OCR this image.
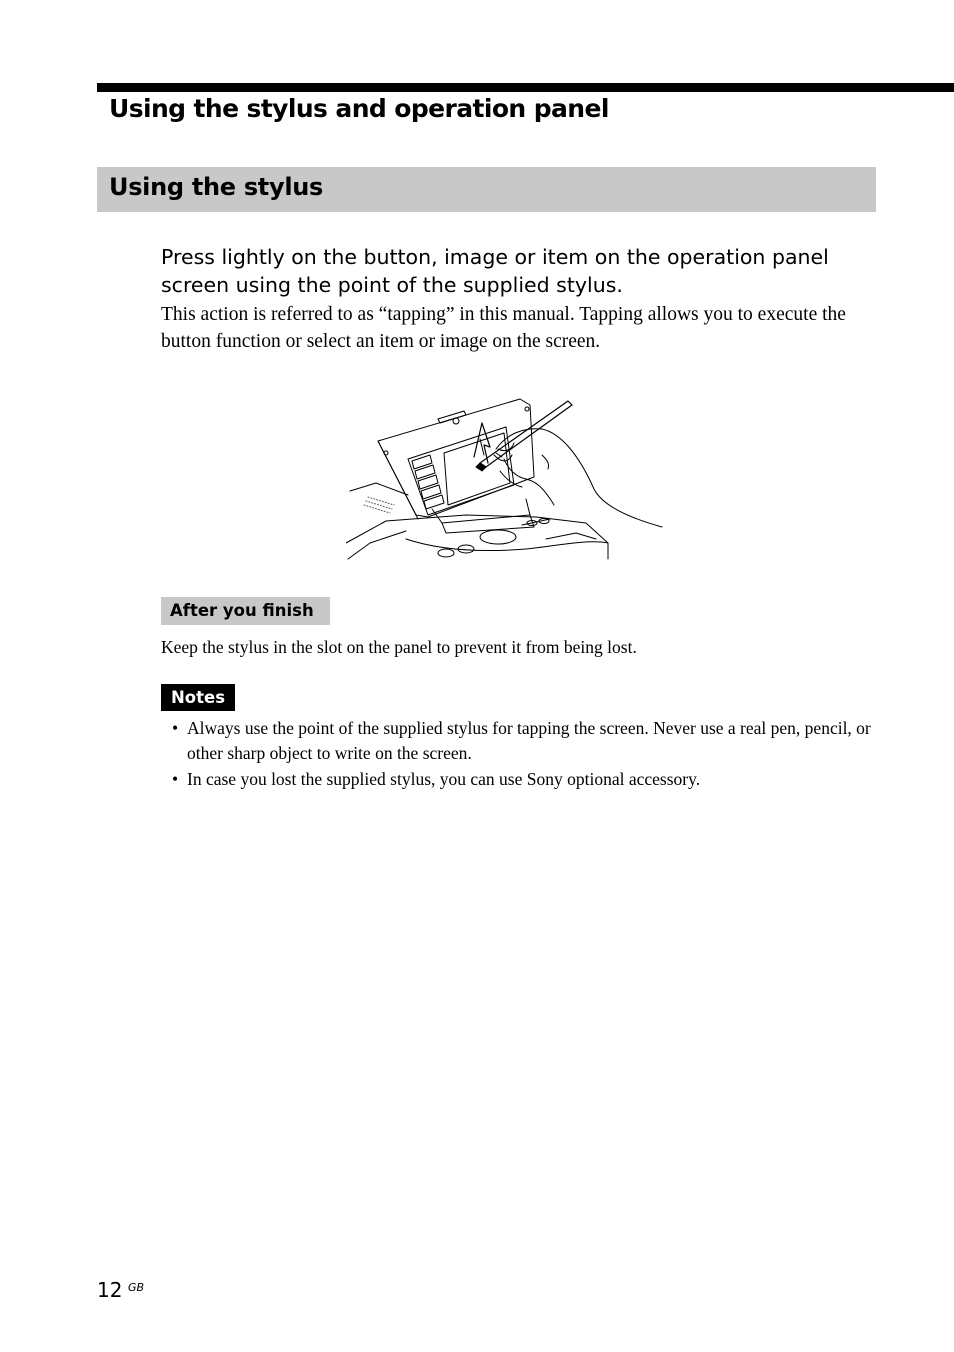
Using the stylus and operation panel
Using the stylus

Press lightly on the button, image or item on the operation panel screen using the point of the supplied stylus.

This action is referred to as “tapping” in this manual. Tapping allows you to execute the button function or select an item or image on the screen.

After you finish

Keep the stylus in the slot on the panel to prevent it from being lost.

Notes
• Always use the point of the supplied stylus for tapping the screen. Never use a real pen, pencil, or other sharp object to write on the screen.
• In case you lost the supplied stylus, you can use Sony optional accessory.
12 GB
